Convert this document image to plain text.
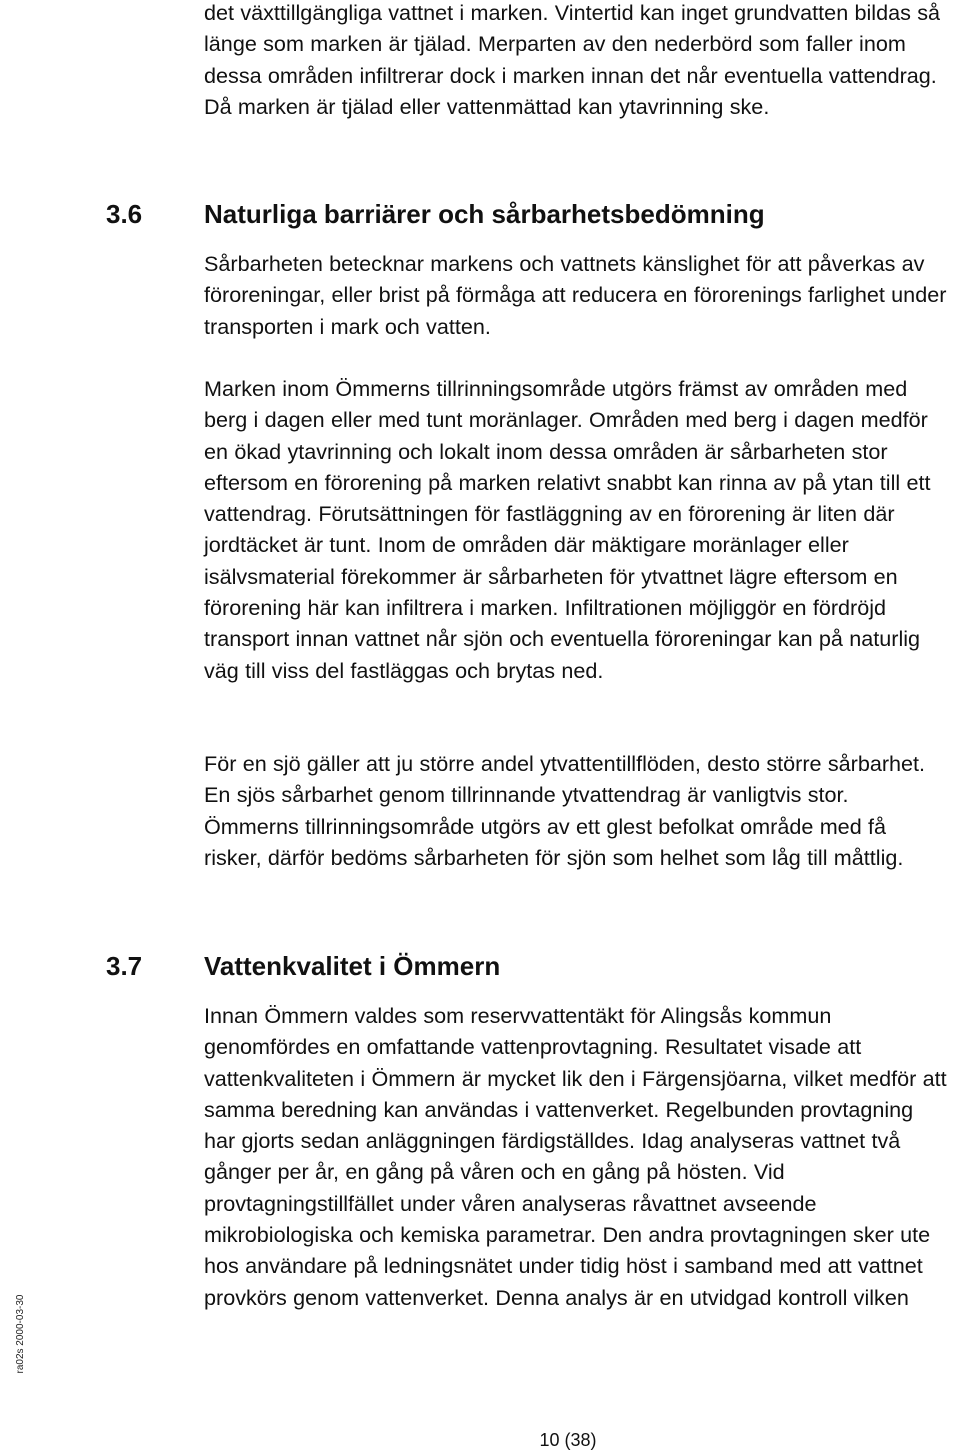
det växttillgängliga vattnet i marken. Vintertid kan inget grundvatten bildas så länge som marken är tjälad. Merparten av den nederbörd som faller inom dessa områden infiltrerar dock i marken innan det når eventuella vattendrag. Då marken är tjälad eller vattenmättad kan ytavrinning ske.

3.6 Naturliga barriärer och sårbarhetsbedömning

Sårbarheten betecknar markens och vattnets känslighet för att påverkas av föroreningar, eller brist på förmåga att reducera en förorenings farlighet under transporten i mark och vatten.

Marken inom Ömmerns tillrinningsområde utgörs främst av områden med berg i dagen eller med tunt moränlager. Områden med berg i dagen medför en ökad ytavrinning och lokalt inom dessa områden är sårbarheten stor eftersom en förorening på marken relativt snabbt kan rinna av på ytan till ett vattendrag. Förutsättningen för fastläggning av en förorening är liten där jordtäcket är tunt. Inom de områden där mäktigare moränlager eller isälvsmaterial förekommer är sårbarheten för ytvattnet lägre eftersom en förorening här kan infiltrera i marken. Infiltrationen möjliggör en fördröjd transport innan vattnet når sjön och eventuella föroreningar kan på naturlig väg till viss del fastläggas och brytas ned.

För en sjö gäller att ju större andel ytvattentillflöden, desto större sårbarhet. En sjös sårbarhet genom tillrinnande ytvattendrag är vanligtvis stor. Ömmerns tillrinningsområde utgörs av ett glest befolkat område med få risker, därför bedöms sårbarheten för sjön som helhet som låg till måttlig.

3.7 Vattenkvalitet i Ömmern

Innan Ömmern valdes som reservvattentäkt för Alingsås kommun genomfördes en omfattande vattenprovtagning. Resultatet visade att vattenkvaliteten i Ömmern är mycket lik den i Färgensjöarna, vilket medför att samma beredning kan användas i vattenverket. Regelbunden provtagning har gjorts sedan anläggningen färdigställdes. Idag analyseras vattnet två gånger per år, en gång på våren och en gång på hösten. Vid provtagningstillfället under våren analyseras råvattnet avseende mikrobiologiska och kemiska parametrar. Den andra provtagningen sker ute hos användare på ledningsnätet under tidig höst i samband med att vattnet provkörs genom vattenverket. Denna analys är en utvidgad kontroll vilken

ra02s 2000-03-30
10 (38)
